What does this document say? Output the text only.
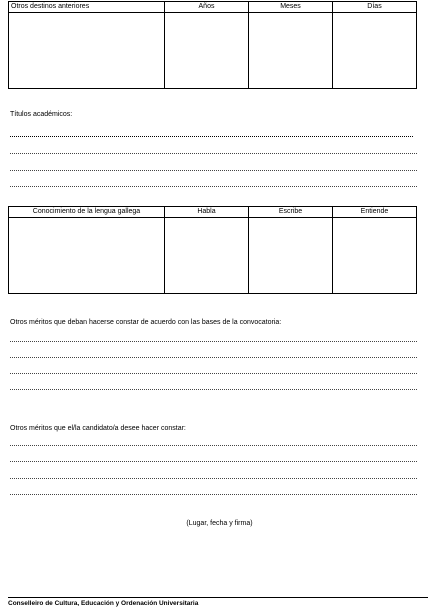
Otros destinos anteriores	Años	Meses	Días

Títulos académicos:
Conocimiento de la lengua gallega	Habla	Escribe	Entiende

Otros méritos que deban hacerse constar de acuerdo con las bases de la convocatoria:
Otros méritos que el/la candidato/a desee hacer constar:
(Lugar, fecha y firma)
Conselleiro de Cultura, Educación y Ordenación Universitaria
